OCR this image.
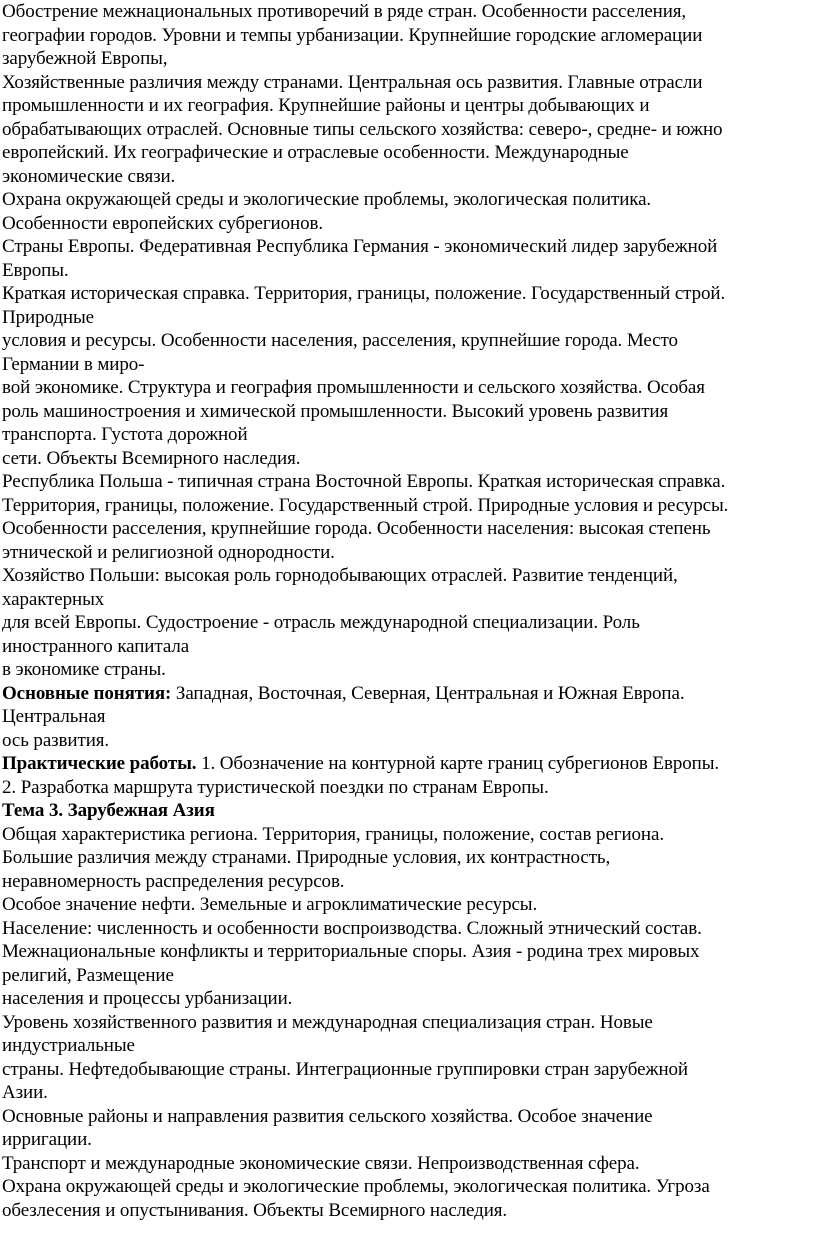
Обострение межнациональных противоречий в ряде стран. Особенности расселения,
географии городов. Уровни и темпы урбанизации. Крупнейшие городские агломерации
зарубежной Европы,
Хозяйственные различия между странами. Центральная ось развития. Главные отрасли
промышленности и их география. Крупнейшие районы и центры добывающих и
обрабатывающих отраслей. Основные типы сельского хозяйства: северо-, средне- и южно
европейский. Их географические и отраслевые особенности. Международные
экономические связи.
Охрана окружающей среды и экологические проблемы, экологическая политика.
Особенности европейских субрегионов.
Страны Европы. Федеративная Республика Германия - экономический лидер зарубежной
Европы.
Краткая историческая справка. Территория, границы, положение. Государственный строй.
Природные
условия и ресурсы. Особенности населения, расселения, крупнейшие города. Место
Германии в миро-
вой экономике. Структура и география промышленности и сельского хозяйства. Особая
роль машиностроения и химической промышленности. Высокий уровень развития
транспорта. Густота дорожной
сети. Объекты Всемирного наследия.
Республика Польша - типичная страна Восточной Европы. Краткая историческая справка.
Территория, границы, положение. Государственный строй. Природные условия и ресурсы.
Особенности расселения, крупнейшие города. Особенности населения: высокая степень
этнической и религиозной однородности.
Хозяйство Польши: высокая роль горнодобывающих отраслей. Развитие тенденций,
характерных
для всей Европы. Судостроение - отрасль международной специализации. Роль
иностранного капитала
в экономике страны.
Основные понятия: Западная, Восточная, Северная, Центральная и Южная Европа.
Центральная
ось развития.
Практические работы. 1. Обозначение на контурной карте границ субрегионов Европы.
2. Разработка маршрута туристической поездки по странам Европы.
Тема 3. Зарубежная Азия
Общая характеристика региона. Территория, границы, положение, состав региона.
Большие различия между странами. Природные условия, их контрастность,
неравномерность распределения ресурсов.
Особое значение нефти. Земельные и агроклиматические ресурсы.
Население: численность и особенности воспроизводства. Сложный этнический состав.
Межнациональные конфликты и территориальные споры. Азия - родина трех мировых
религий, Размещение
населения и процессы урбанизации.
Уровень хозяйственного развития и международная специализация стран. Новые
индустриальные
страны. Нефтедобывающие страны. Интеграционные группировки стран зарубежной
Азии.
Основные районы и направления развития сельского хозяйства. Особое значение
ирригации.
Транспорт и международные экономические связи. Непроизводственная сфера.
Охрана окружающей среды и экологические проблемы, экологическая политика. Угроза
обезлесения и опустынивания. Объекты Всемирного наследия.
